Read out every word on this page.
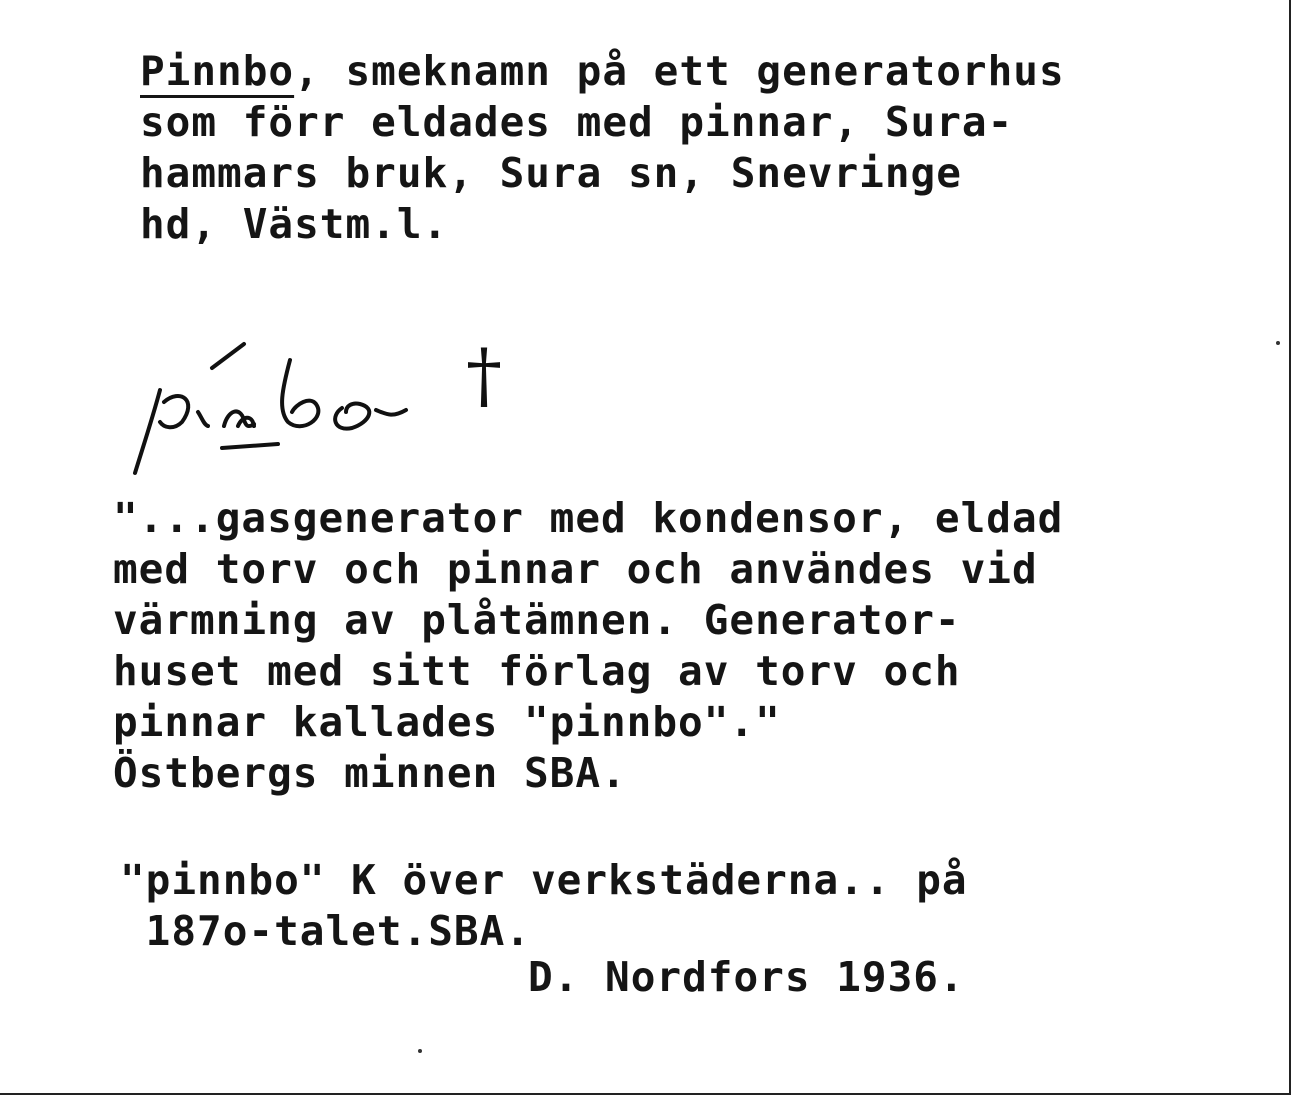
Pinnbo, smeknamn på ett generatorhus
som förr eldades med pinnar, Sura-
hammars bruk, Sura sn, Snevringe
hd, Västm.l.
†
"...gasgenerator med kondensor, eldad
med torv och pinnar och användes vid
värmning av plåtämnen. Generator-
huset med sitt förlag av torv och
pinnar kallades "pinnbo"."
Östbergs minnen SBA.
"pinnbo" K över verkstäderna.. på
187o-talet.SBA.
D. Nordfors 1936.
